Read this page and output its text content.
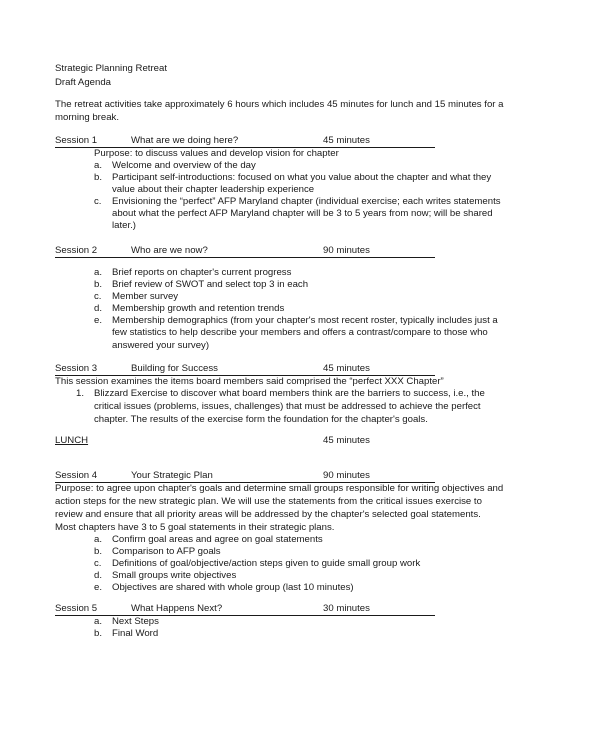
Strategic Planning Retreat
Draft Agenda
The retreat activities take approximately 6 hours which includes 45 minutes for lunch and 15 minutes for a
morning break.
Session 1	What are we doing here?	45 minutes
Purpose: to discuss values and develop vision for chapter
a. Welcome and overview of the day
b. Participant self-introductions: focused on what you value about the chapter and what they
value about their chapter leadership experience
c. Envisioning the “perfect” AFP Maryland chapter (individual exercise; each writes statements
about what the perfect AFP Maryland chapter will be 3 to 5 years from now; will be shared
later.)
Session 2	Who are we now?	90 minutes
a. Brief reports on chapter's current progress
b. Brief review of SWOT and select top 3 in each
c. Member survey
d. Membership growth and retention trends
e. Membership demographics (from your chapter's most recent roster, typically includes just a
few statistics to help describe your members and offers a contrast/compare to those who
answered your survey)
Session 3	Building for Success	45 minutes
This session examines the items board members said comprised the “perfect XXX Chapter”
1. Blizzard Exercise to discover what board members think are the barriers to success, i.e., the
critical issues (problems, issues, challenges) that must be addressed to achieve the perfect
chapter. The results of the exercise form the foundation for the chapter's goals.
LUNCH	45 minutes
Session 4	Your Strategic Plan	90 minutes
Purpose: to agree upon chapter's goals and determine small groups responsible for writing objectives and
action steps for the new strategic plan. We will use the statements from the critical issues exercise to
review and ensure that all priority areas will be addressed by the chapter's selected goal statements.
Most chapters have 3 to 5 goal statements in their strategic plans.
a. Confirm goal areas and agree on goal statements
b. Comparison to AFP goals
c. Definitions of goal/objective/action steps given to guide small group work
d. Small groups write objectives
e. Objectives are shared with whole group (last 10 minutes)
Session 5	What Happens Next?	30 minutes
a. Next Steps
b. Final Word
